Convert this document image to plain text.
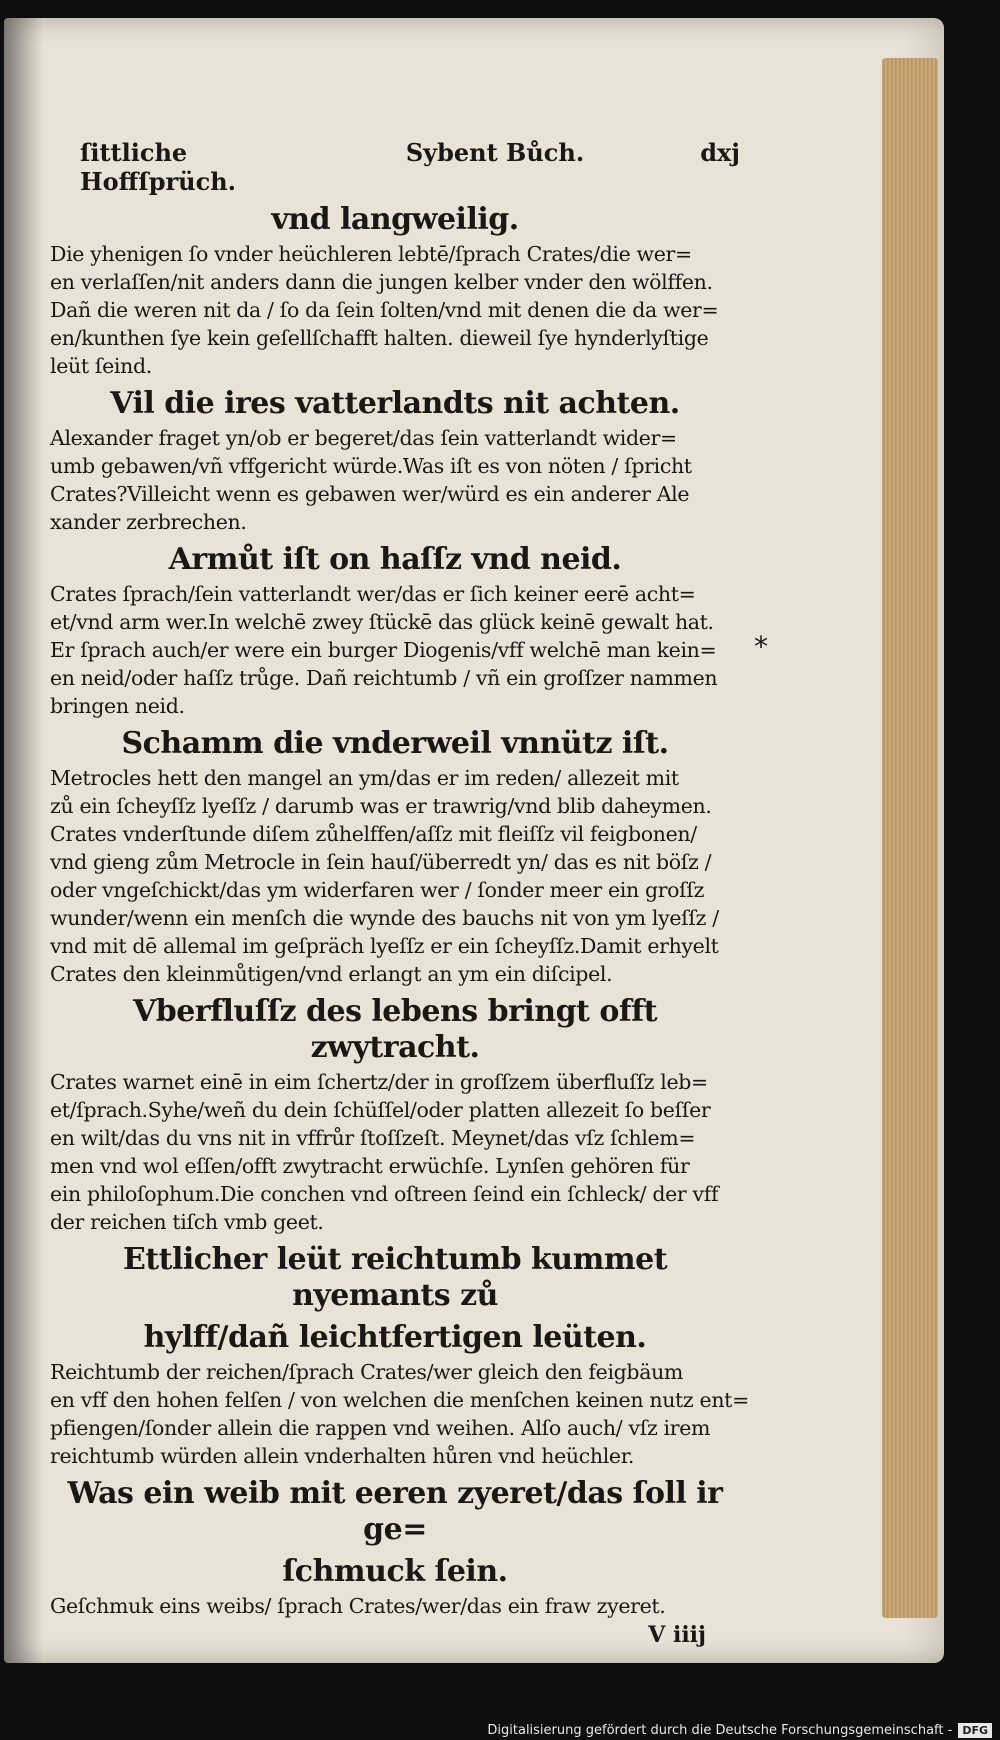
ſittliche Hoffſprüch.
Sybent Bůch.	dxj
vnd langweilig.
Die yhenigen ſo vnder heüchleren lebtē/ſprach Crates/die wer=
en verlaſſen/nit anders dann die jungen kelber vnder den wölffen.
Dañ die weren nit da / ſo da ſein ſolten/vnd mit denen die da wer=
en/kunthen ſye kein geſellſchafft halten. dieweil ſye hynderlyſtige
leüt ſeind.
Vil die ires vatterlandts nit achten.
Alexander fraget yn/ob er begeret/das ſein vatterlandt wider=
umb gebawen/vñ vffgericht würde.Was iſt es von nöten / ſpricht
Crates?Villeicht wenn es gebawen wer/würd es ein anderer Ale
xander zerbrechen.
Armůt iſt on haſſz vnd neid.
Crates ſprach/ſein vatterlandt wer/das er ſich keiner eerē acht=
et/vnd arm wer.In welchē zwey ſtückē das glück keinē gewalt hat.
Er ſprach auch/er were ein burger Diogenis/vff welchē man kein=
en neid/oder haſſz trůge. Dañ reichtumb / vñ ein groſſzer nammen
bringen neid.
Schamm die vnderweil vnnütz iſt.
Metrocles hett den mangel an ym/das er im reden/ allezeit mit
zů ein ſcheyſſz lyeſſz / darumb was er trawrig/vnd blib daheymen.
Crates vnderſtunde diſem zůhelffen/aſſz mit fleiſſz vil feigbonen/
vnd gieng zům Metrocle in ſein hauſ/überredt yn/ das es nit böſz /
oder vngeſchickt/das ym widerfaren wer / ſonder meer ein groſſz
wunder/wenn ein menſch die wynde des bauchs nit von ym lyeſſz /
vnd mit dē allemal im geſpräch lyeſſz er ein ſcheyſſz.Damit erhyelt
Crates den kleinmůtigen/vnd erlangt an ym ein diſcipel.
Vberfluſſz des lebens bringt offt zwytracht.
Crates warnet einē in eim ſchertz/der in groſſzem überfluſſz leb=
et/ſprach.Syhe/weñ du dein ſchüſſel/oder platten allezeit ſo beſſer
en wilt/das du vns nit in vffrůr ſtoſſzeſt. Meynet/das vſz ſchlem=
men vnd wol eſſen/offt zwytracht erwüchſe. Lynſen gehören für
ein philoſophum.Die conchen vnd oſtreen ſeind ein ſchleck/ der vff
der reichen tiſch vmb geet.
Ettlicher leüt reichtumb kummet nyemants zů
hylff/dañ leichtfertigen leüten.
Reichtumb der reichen/ſprach Crates/wer gleich den feigbäum
en vff den hohen felſen / von welchen die menſchen keinen nutz ent=
pfiengen/ſonder allein die rappen vnd weihen. Alſo auch/ vſz irem
reichtumb würden allein vnderhalten hůren vnd heüchler.
Was ein weib mit eeren zyeret/das ſoll ir ge=
ſchmuck ſein.
Geſchmuk eins weibs/ ſprach Crates/wer/das ein fraw zyeret.
V iiij
*
Digitalisierung gefördert durch die Deutsche Forschungsgemeinschaft - DFG
